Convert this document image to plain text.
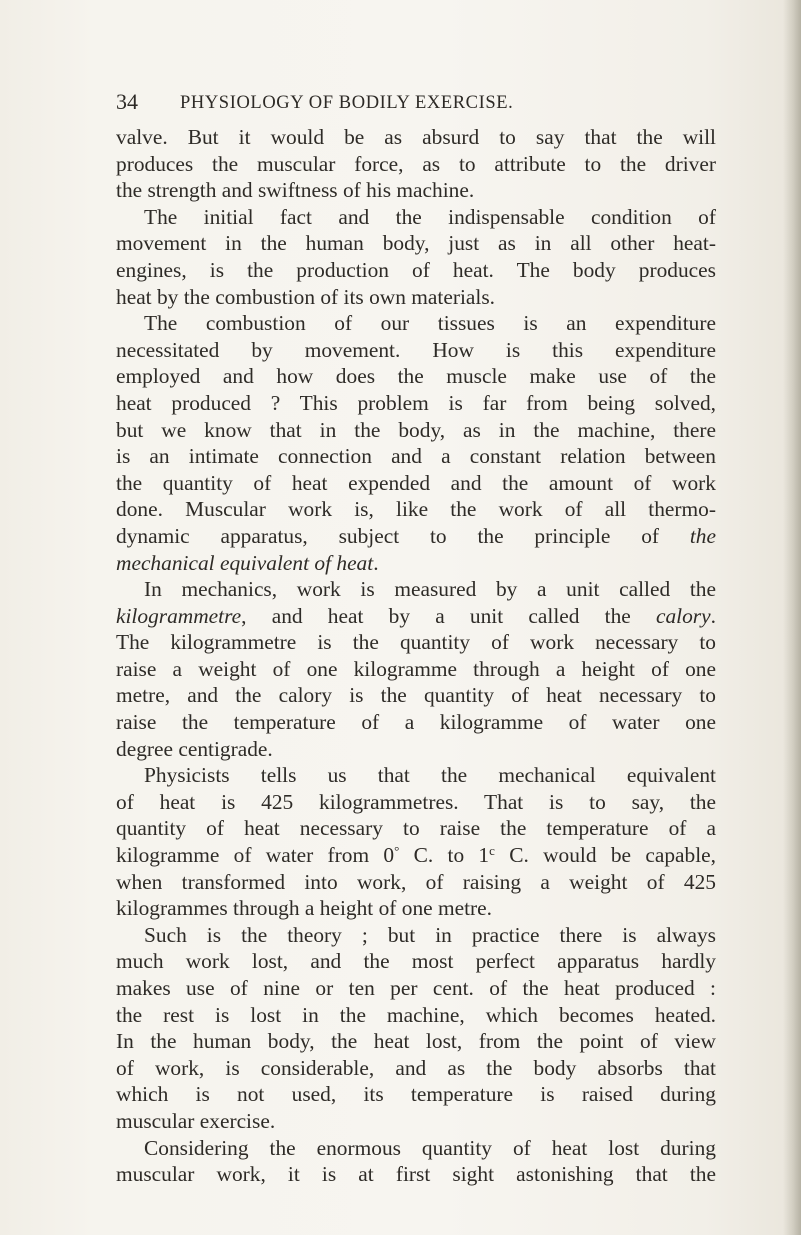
34 PHYSIOLOGY OF BODILY EXERCISE.
valve. But it would be as absurd to say that the will
produces the muscular force, as to attribute to the driver
the strength and swiftness of his machine.
The initial fact and the indispensable condition of
movement in the human body, just as in all other heat-
engines, is the production of heat. The body produces
heat by the combustion of its own materials.
The combustion of our tissues is an expenditure
necessitated by movement. How is this expenditure
employed and how does the muscle make use of the
heat produced ? This problem is far from being solved,
but we know that in the body, as in the machine, there
is an intimate connection and a constant relation between
the quantity of heat expended and the amount of work
done. Muscular work is, like the work of all thermo-
dynamic apparatus, subject to the principle of the
mechanical equivalent of heat.
In mechanics, work is measured by a unit called the
kilogrammetre, and heat by a unit called the calory.
The kilogrammetre is the quantity of work necessary to
raise a weight of one kilogramme through a height of one
metre, and the calory is the quantity of heat necessary to
raise the temperature of a kilogramme of water one
degree centigrade.
Physicists tells us that the mechanical equivalent
of heat is 425 kilogrammetres. That is to say, the
quantity of heat necessary to raise the temperature of a
kilogramme of water from 0° C. to 1$^c$ C. would be capable,
when transformed into work, of raising a weight of 425
kilogrammes through a height of one metre.
Such is the theory ; but in practice there is always
much work lost, and the most perfect apparatus hardly
makes use of nine or ten per cent. of the heat produced :
the rest is lost in the machine, which becomes heated.
In the human body, the heat lost, from the point of view
of work, is considerable, and as the body absorbs that
which is not used, its temperature is raised during
muscular exercise.
Considering the enormous quantity of heat lost during
muscular work, it is at first sight astonishing that the
